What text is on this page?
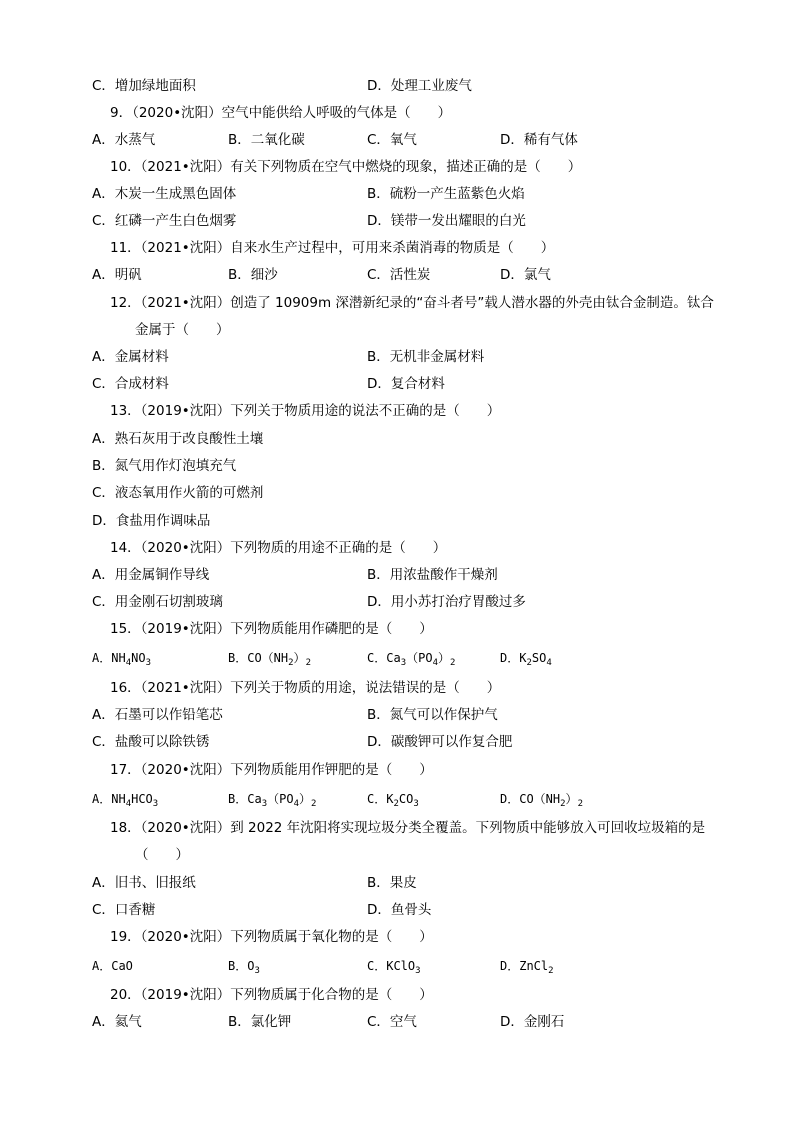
C．增加绿地面积	D．处理工业废气
9．（2020•沈阳）空气中能供给人呼吸的气体是（　　）
A．水蒸气	B．二氧化碳	C．氧气	D．稀有气体
10．（2021•沈阳）有关下列物质在空气中燃烧的现象，描述正确的是（　　）
A．木炭一生成黑色固体	B．硫粉一产生蓝紫色火焰
C．红磷一产生白色烟雾	D．镁带一发出耀眼的白光
11．（2021•沈阳）自来水生产过程中，可用来杀菌消毒的物质是（　　）
A．明矾	B．细沙	C．活性炭	D．氯气
12．（2021•沈阳）创造了 10909m 深潜新纪录的“奋斗者号”载人潜水器的外壳由钛合金制造。钛合
金属于（　　）
A．金属材料	B．无机非金属材料
C．合成材料	D．复合材料
13．（2019•沈阳）下列关于物质用途的说法不正确的是（　　）
A．熟石灰用于改良酸性土壤
B．氮气用作灯泡填充气
C．液态氧用作火箭的可燃剂
D．食盐用作调味品
14．（2020•沈阳）下列物质的用途不正确的是（　　）
A．用金属铜作导线	B．用浓盐酸作干燥剂
C．用金刚石切割玻璃	D．用小苏打治疗胃酸过多
15．（2019•沈阳）下列物质能用作磷肥的是（　　）
A．$NH_4NO_3$	B．$CO(NH_2)_2$	C．$Ca_3(PO_4)_2$	D．$K_2SO_4$
16．（2021•沈阳）下列关于物质的用途，说法错误的是（　　）
A．石墨可以作铅笔芯	B．氮气可以作保护气
C．盐酸可以除铁锈	D．碳酸钾可以作复合肥
17．（2020•沈阳）下列物质能用作钾肥的是（　　）
A．$NH_4HCO_3$	B．$Ca_3(PO_4)_2$	C．$K_2CO_3$	D．$CO(NH_2)_2$
18．（2020•沈阳）到 2022 年沈阳将实现垃圾分类全覆盖。下列物质中能够放入可回收垃圾箱的是
（　　）
A．旧书、旧报纸	B．果皮
C．口香糖	D．鱼骨头
19．（2020•沈阳）下列物质属于氧化物的是（　　）
A．CaO	B．$O_3$	C．KClO$_3$	D．ZnCl$_2$
20．（2019•沈阳）下列物质属于化合物的是（　　）
A．氦气	B．氯化钾	C．空气	D．金刚石
